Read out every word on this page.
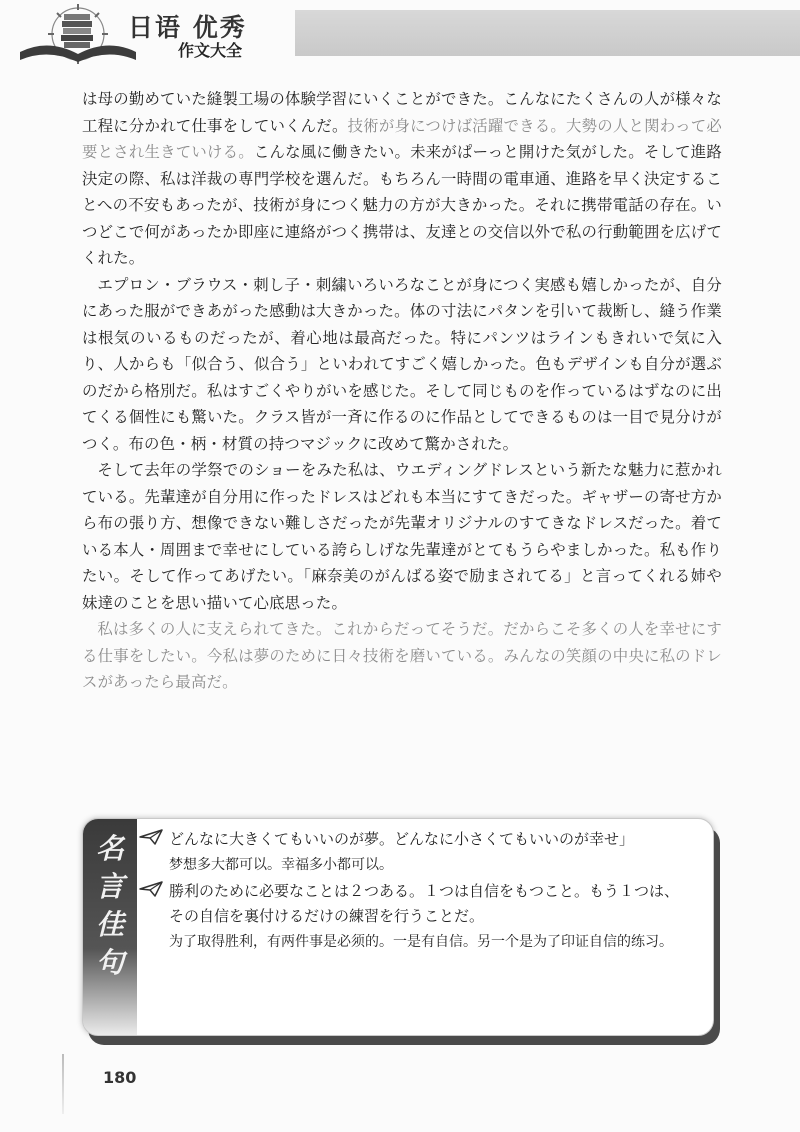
日语 优秀
作文大全

は母の勤めていた縫製工場の体験学習にいくことができた。こんなにたくさんの人が様々な工程に分かれて仕事をしていくんだ。技術が身につけば活躍できる。大勢の人と関わって必要とされ生きていける。こんな風に働きたい。未来がぱーっと開けた気がした。そして進路決定の際、私は洋裁の専門学校を選んだ。もちろん一時間の電車通、進路を早く決定することへの不安もあったが、技術が身につく魅力の方が大きかった。それに携帯電話の存在。いつどこで何があったか即座に連絡がつく携帯は、友達との交信以外で私の行動範囲を広げてくれた。

エプロン・ブラウス・刺し子・刺繍いろいろなことが身につく実感も嬉しかったが、自分にあった服ができあがった感動は大きかった。体の寸法にパタンを引いて裁断し、縫う作業は根気のいるものだったが、着心地は最高だった。特にパンツはラインもきれいで気に入り、人からも「似合う、似合う」といわれてすごく嬉しかった。色もデザインも自分が選ぶのだから格別だ。私はすごくやりがいを感じた。そして同じものを作っているはずなのに出てくる個性にも驚いた。クラス皆が一斉に作るのに作品としてできるものは一目で見分けがつく。布の色・柄・材質の持つマジックに改めて驚かされた。

そして去年の学祭でのショーをみた私は、ウエディングドレスという新たな魅力に惹かれている。先輩達が自分用に作ったドレスはどれも本当にすてきだった。ギャザーの寄せ方から布の張り方、想像できない難しさだったが先輩オリジナルのすてきなドレスだった。着ている本人・周囲まで幸せにしている誇らしげな先輩達がとてもうらやましかった。私も作りたい。そして作ってあげたい。「麻奈美のがんばる姿で励まされてる」と言ってくれる姉や妹達のことを思い描いて心底思った。

私は多くの人に支えられてきた。これからだってそうだ。だからこそ多くの人を幸せにする仕事をしたい。今私は夢のために日々技術を磨いている。みんなの笑顔の中央に私のドレスがあったら最高だ。

名
言
佳
句

どんなに大きくてもいいのが夢。どんなに小さくてもいいのが幸せ」

梦想多大都可以。幸福多小都可以。

勝利のために必要なことは２つある。１つは自信をもつこと。もう１つは、その自信を裏付けるだけの練習を行うことだ。

为了取得胜利，有两件事是必须的。一是有自信。另一个是为了印证自信的练习。

180
